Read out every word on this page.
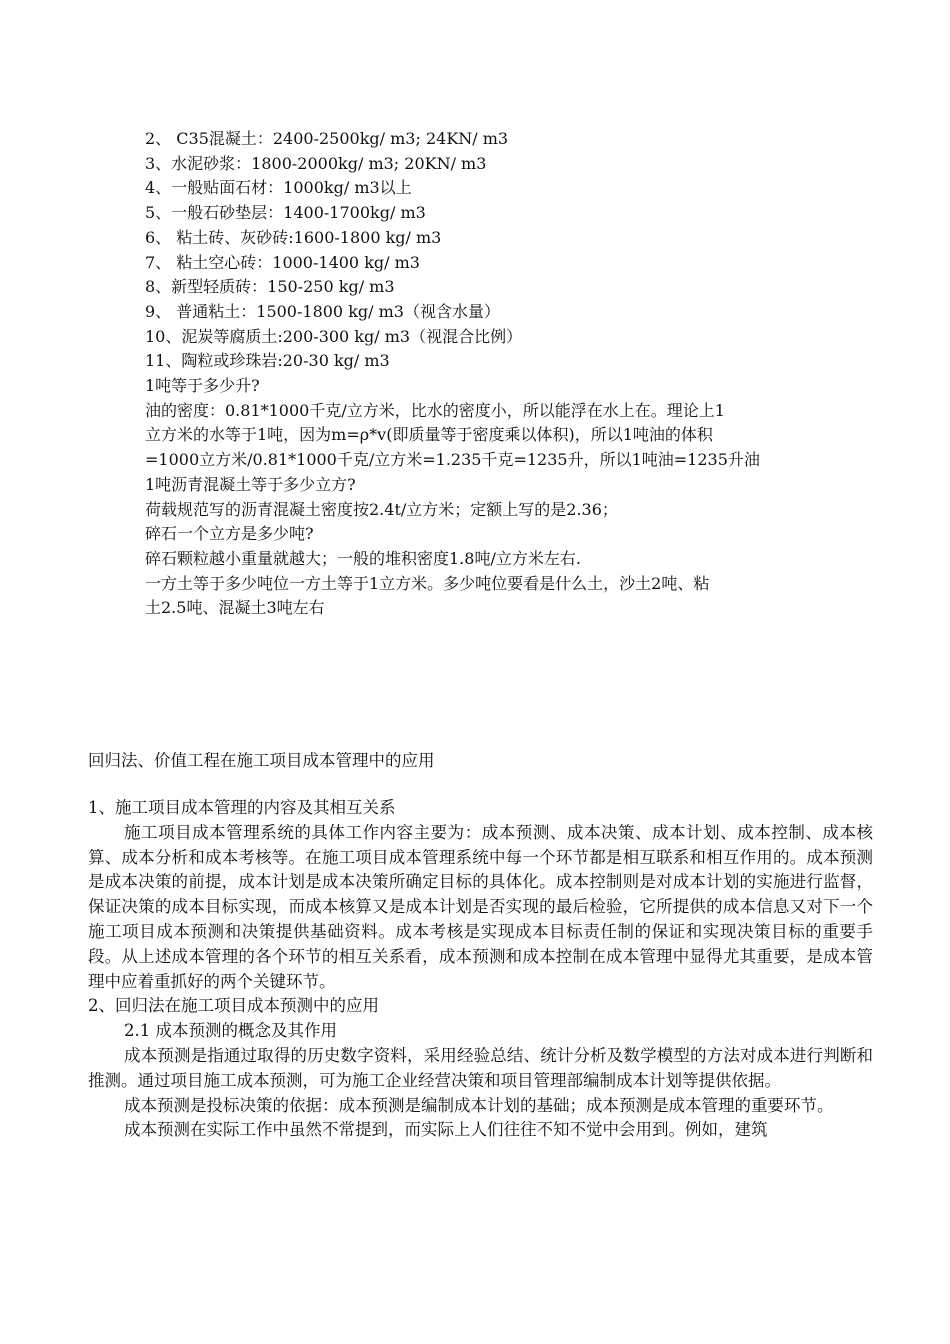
2、 C35混凝土：2400-2500kg/ m3; 24KN/ m3

3、水泥砂浆：1800-2000kg/ m3; 20KN/ m3

4、一般贴面石材：1000kg/ m3以上

5、一般石砂垫层：1400-1700kg/ m3

6、 粘土砖、灰砂砖:1600-1800 kg/ m3

7、 粘土空心砖：1000-1400 kg/ m3

8、新型轻质砖：150-250 kg/ m3

9、 普通粘土：1500-1800 kg/ m3（视含水量）

10、泥炭等腐质土:200-300 kg/ m3（视混合比例）

11、陶粒或珍珠岩:20-30 kg/ m3

1吨等于多少升?

油的密度：0.81*1000千克/立方米，比水的密度小，所以能浮在水上在。理论上1

立方米的水等于1吨，因为m=ρ*v(即质量等于密度乘以体积)，所以1吨油的体积

=1000立方米/0.81*1000千克/立方米=1.235千克=1235升，所以1吨油=1235升油

1吨沥青混凝土等于多少立方?

荷载规范写的沥青混凝土密度按2.4t/立方米；定额上写的是2.36；

碎石一个立方是多少吨?

碎石颗粒越小重量就越大；一般的堆积密度1.8吨/立方米左右.

一方土等于多少吨位一方土等于1立方米。多少吨位要看是什么土，沙土2吨、粘

土2.5吨、混凝土3吨左右

回归法、价值工程在施工项目成本管理中的应用

1、施工项目成本管理的内容及其相互关系

施工项目成本管理系统的具体工作内容主要为：成本预测、成本决策、成本计划、成本控制、成本核算、成本分析和成本考核等。在施工项目成本管理系统中每一个环节都是相互联系和相互作用的。成本预测是成本决策的前提，成本计划是成本决策所确定目标的具体化。成本控制则是对成本计划的实施进行监督，保证决策的成本目标实现，而成本核算又是成本计划是否实现的最后检验，它所提供的成本信息又对下一个施工项目成本预测和决策提供基础资料。成本考核是实现成本目标责任制的保证和实现决策目标的重要手段。从上述成本管理的各个环节的相互关系看，成本预测和成本控制在成本管理中显得尤其重要，是成本管理中应着重抓好的两个关键环节。

2、回归法在施工项目成本预测中的应用

2.1 成本预测的概念及其作用

成本预测是指通过取得的历史数字资料，采用经验总结、统计分析及数学模型的方法对成本进行判断和推测。通过项目施工成本预测，可为施工企业经营决策和项目管理部编制成本计划等提供依据。

成本预测是投标决策的依据：成本预测是编制成本计划的基础；成本预测是成本管理的重要环节。

成本预测在实际工作中虽然不常提到，而实际上人们往往不知不觉中会用到。例如，建筑
